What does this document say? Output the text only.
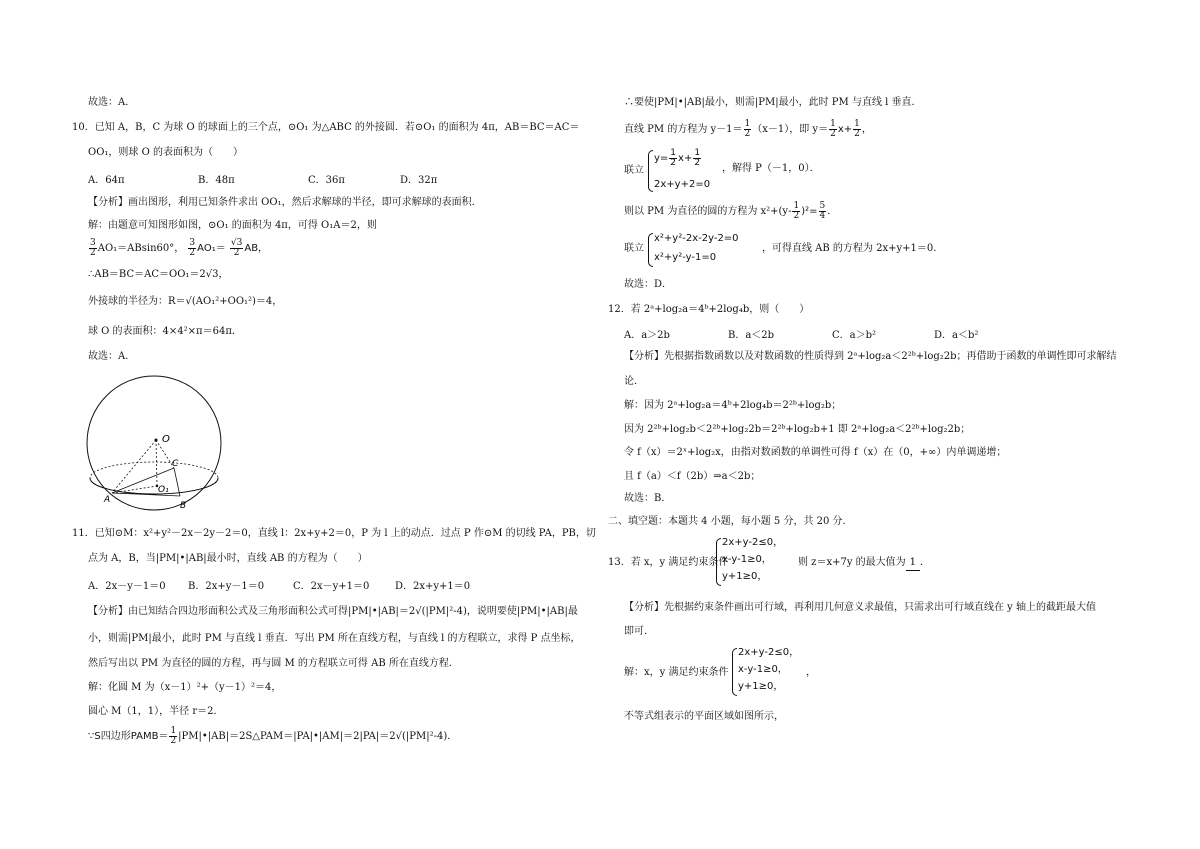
故选：A．
10．已知 A，B，C 为球 O 的球面上的三个点，⊙O₁ 为△ABC 的外接圆．若⊙O₁ 的面积为 4π，AB＝BC＝AC＝
OO₁，则球 O 的表面积为（　　）
A．64π	B．48π	C．36π	D．32π
【分析】画出图形，利用已知条件求出 OO₁，然后求解球的半径，即可求解球的表面积．
解：由题意可知图形如图，⊙O₁ 的面积为 4π，可得 O₁A＝2，则
$\frac{3}{2} AO_1=ABsin60^\circ$， $\frac{3}{2} AO_1= \frac{√3}{2}$ AB，
∴AB＝BC＝AC＝OO₁＝2√3，
外接球的半径为：R＝√(AO₁²+OO₁²)＝4，
球 O 的表面积：4×4²×π＝64π．
故选：A．
O
C
O₁
A
B
11．已知⊙M：x²+y²－2x－2y－2＝0，直线 l：2x+y+2＝0，P 为 l 上的动点．过点 P 作⊙M 的切线 PA，PB，切
点为 A，B，当|PM|•|AB|最小时，直线 AB 的方程为（　　）
A．2x－y－1＝0 B．2x+y－1＝0	C．2x－y+1＝0	D．2x+y+1＝0
【分析】由已知结合四边形面积公式及三角形面积公式可得|PM|•|AB|＝2√(|PM|²-4)，说明要使|PM|•|AB|最
小，则需|PM|最小，此时 PM 与直线 l 垂直．写出 PM 所在直线方程，与直线 l 的方程联立，求得 P 点坐标，
然后写出以 PM 为直径的圆的方程，再与圆 M 的方程联立可得 AB 所在直线方程．
解：化圆 M 为（x－1）²+（y－1）²＝4，
圆心 M（1，1），半径 r＝2．
∵S四边形PAMB＝ $\frac{1}{2}$ |PM|•|AB|＝2S△PAM＝|PA|•|AM|＝2|PA|＝2√(|PM|²-4)．
∴要使|PM|•|AB|最小，则需|PM|最小，此时 PM 与直线 l 垂直．
直线 PM 的方程为 $y-1= \frac{1}{2} (x-1)$，即 $y= \frac{1}{2} x+ \frac{1}{2}$ ，
联立
$y= \frac{1}{2} x+ \frac{1}{2}$
2x+y+2=0
，解得 P（－1，0）．
则以 PM 为直径的圆的方程为 $x^2+(y- \frac{1}{2} )^2= \frac{5}{4}$ ．
联立
x²+y²-2x-2y-2=0
x²+y²-y-1=0
，可得直线 AB 的方程为 2x+y+1＝0．
故选：D．
12．若 2ᵃ+log₂a＝4ᵇ+2log₄b，则（　　）
A．a＞2b	B．a＜2b	C．a＞b²	D．a＜b²
【分析】先根据指数函数以及对数函数的性质得到 2ᵃ+log₂a＜2²ᵇ+log₂2b；再借助于函数的单调性即可求解结
论．
解：因为 2ᵃ+log₂a＝4ᵇ+2log₄b＝2²ᵇ+log₂b；
因为 2²ᵇ+log₂b＜2²ᵇ+log₂2b＝2²ᵇ+log₂b+1 即 2ᵃ+log₂a＜2²ᵇ+log₂2b；
令 f（x）＝2ˣ+log₂x，由指对数函数的单调性可得 f（x）在（0，+∞）内单调递增；
且 f（a）＜f（2b）⇒a＜2b；
故选：B．
二、填空题：本题共 4 小题，每小题 5 分，共 20 分．
13．若 x，y 满足约束条件
2x+y-2≤0，
x-y-1≥0，
y+1≥0，
则 z＝x+7y 的最大值为 1 ．
【分析】先根据约束条件画出可行域，再利用几何意义求最值，只需求出可行域直线在 y 轴上的截距最大值
即可．
解：x，y 满足约束条件
2x+y-2≤0，
x-y-1≥0，
y+1≥0，
，
不等式组表示的平面区域如图所示，
